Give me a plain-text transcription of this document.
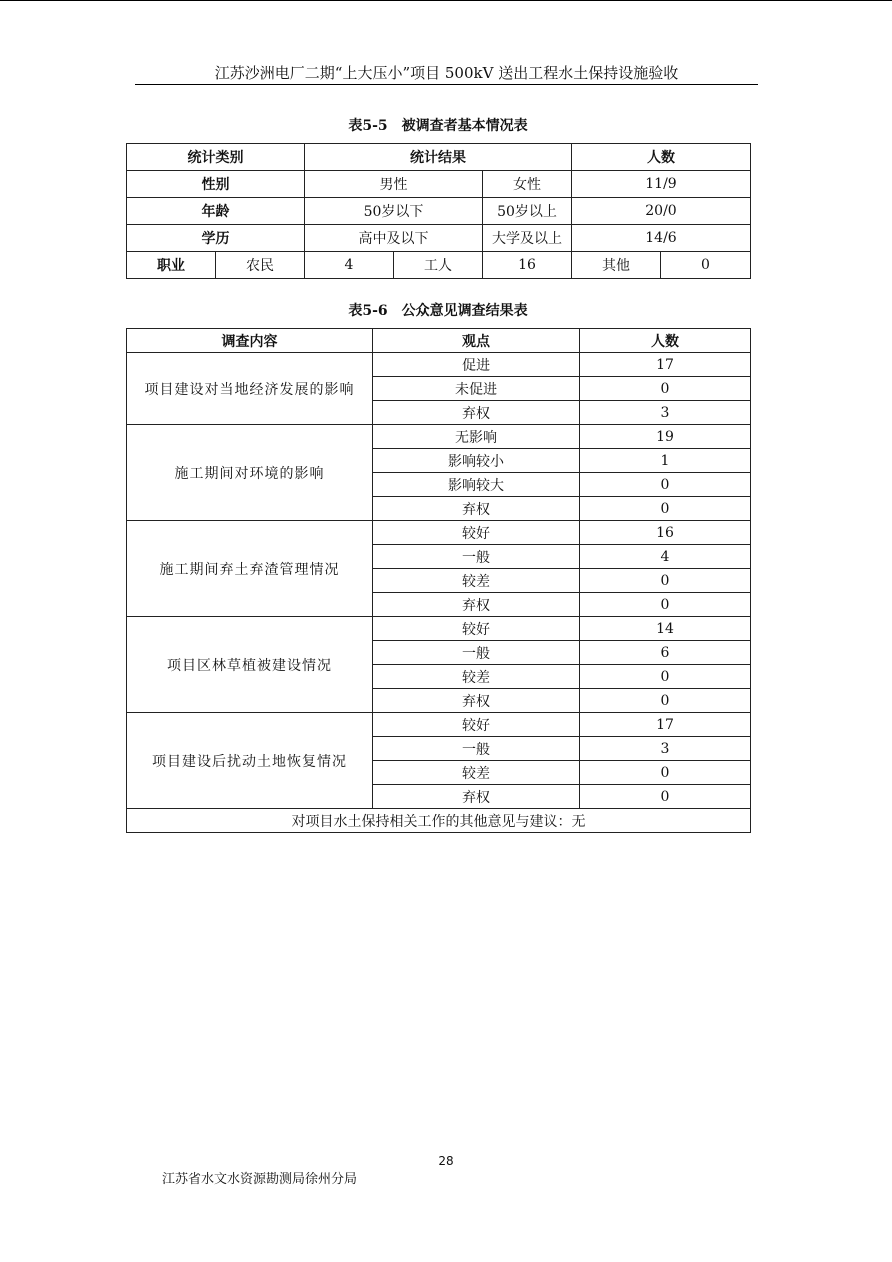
江苏沙洲电厂二期“上大压小”项目 500kV 送出工程水土保持设施验收
表5-5　被调查者基本情况表
统计类别		统计结果			人数	
性别		男性		女性	11/9	
年龄		50岁以下		50岁以上	20/0	
学历		高中及以下		大学及以上	14/6	
职业	农民	4	工人	16	其他	0
表5-6　公众意见调查结果表
调查内容	观点	人数
项目建设对当地经济发展的影响	促进	17
	未促进	0
	弃权	3
施工期间对环境的影响	无影响	19
	影响较小	1
	影响较大	0
	弃权	0
施工期间弃土弃渣管理情况	较好	16
	一般	4
	较差	0
	弃权	0
项目区林草植被建设情况	较好	14
	一般	6
	较差	0
	弃权	0
项目建设后扰动土地恢复情况	较好	17
	一般	3
	较差	0
	弃权	0
对项目水土保持相关工作的其他意见与建议：无		
28
江苏省水文水资源勘测局徐州分局
